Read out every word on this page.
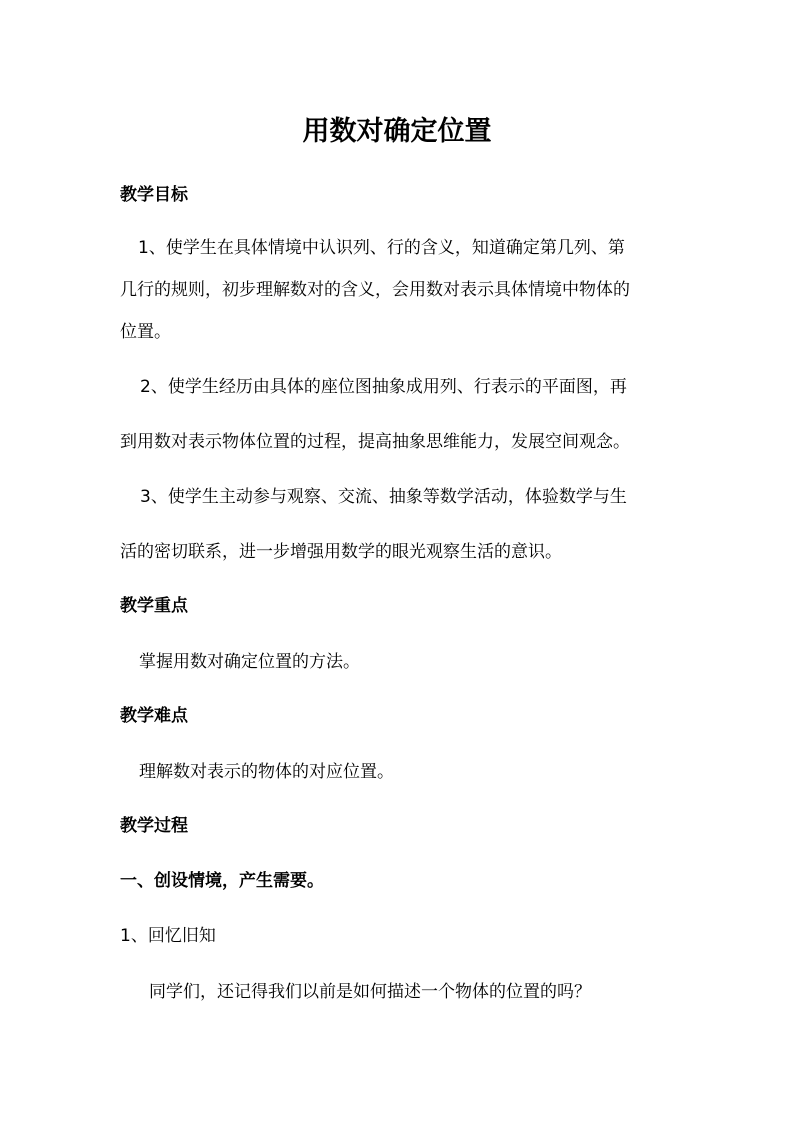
用数对确定位置
教学目标

1、使学生在具体情境中认识列、行的含义，知道确定第几列、第
几行的规则，初步理解数对的含义，会用数对表示具体情境中物体的
位置。

2、使学生经历由具体的座位图抽象成用列、行表示的平面图，再
到用数对表示物体位置的过程，提高抽象思维能力，发展空间观念。

3、使学生主动参与观察、交流、抽象等数学活动，体验数学与生
活的密切联系，进一步增强用数学的眼光观察生活的意识。

教学重点

掌握用数对确定位置的方法。

教学难点

理解数对表示的物体的对应位置。

教学过程
一、创设情境，产生需要。

1、回忆旧知

同学们，还记得我们以前是如何描述一个物体的位置的吗？
